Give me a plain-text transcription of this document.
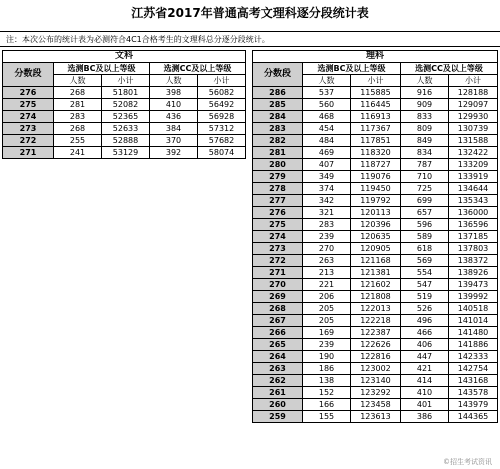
江苏省2017年普通高考文理科逐分段统计表
注：本次公布的统计表为必测符合4C1合格考生的文理科总分逐分段统计。
文科				
分数段	选测BC及以上等级		选测CC及以上等级	
	人数	小计	人数	小计
276	268	51801	398	56082
275	281	52082	410	56492
274	283	52365	436	56928
273	268	52633	384	57312
272	255	52888	370	57682
271	241	53129	392	58074
理科				
分数段	选测BC及以上等级		选测CC及以上等级	
	人数	小计	人数	小计
286	537	115885	916	128188
285	560	116445	909	129097
284	468	116913	833	129930
283	454	117367	809	130739
282	484	117851	849	131588
281	469	118320	834	132422
280	407	118727	787	133209
279	349	119076	710	133919
278	374	119450	725	134644
277	342	119792	699	135343
276	321	120113	657	136000
275	283	120396	596	136596
274	239	120635	589	137185
273	270	120905	618	137803
272	263	121168	569	138372
271	213	121381	554	138926
270	221	121602	547	139473
269	206	121808	519	139992
268	205	122013	526	140518
267	205	122218	496	141014
266	169	122387	466	141480
265	239	122626	406	141886
264	190	122816	447	142333
263	186	123002	421	142754
262	138	123140	414	143168
261	152	123292	410	143578
260	166	123458	401	143979
259	155	123613	386	144365
©招生考试资讯
